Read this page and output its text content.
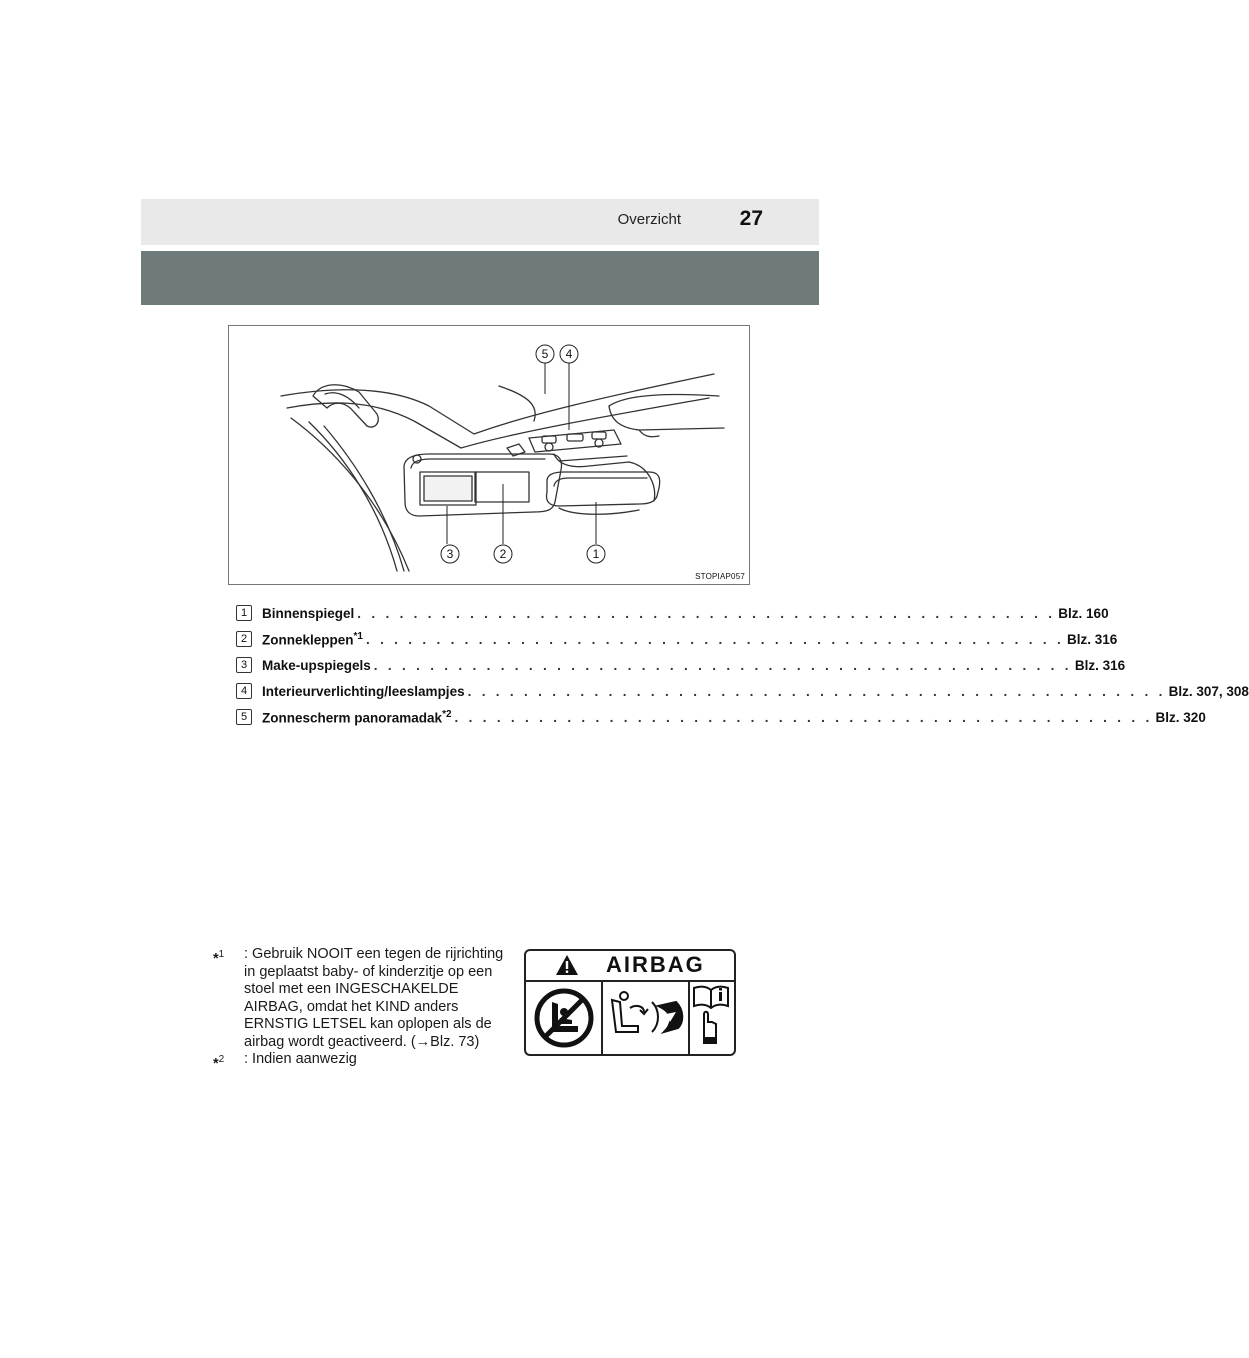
Overzicht	27
5 4
3	2	1
STOPIAP057
1	Binnenspiegel . . . . . . . . . . . . . . . . . . . . . . . . . . . . . . . . . . . . . . . . . . . . . . . . . . Blz. 160
2	Zonnekleppen$^{*1}$ . . . . . . . . . . . . . . . . . . . . . . . . . . . . . . . . . . . . . . . . . . . . . . . . . . Blz. 316
3	Make-upspiegels . . . . . . . . . . . . . . . . . . . . . . . . . . . . . . . . . . . . . . . . . . . . . . . . . . Blz. 316
4	Interieurverlichting/leeslampjes . . . . . . . . . . . . . . . . . . . . . . . . . . . . . . . . . . . . . . . . . . . . . . . . . . Blz. 307, 308
5	Zonnescherm panoramadak$^{*2}$ . . . . . . . . . . . . . . . . . . . . . . . . . . . . . . . . . . . . . . . . . . . . . . . . . . Blz. 320
*$^1$ : Gebruik NOOIT een tegen de rijrichting in geplaatst baby- of kinderzitje op een stoel met een INGESCHAKELDE AIRBAG, omdat het KIND anders ERNSTIG LETSEL kan oplopen als de airbag wordt geactiveerd. (→Blz. 73)
*$^2$ : Indien aanwezig
AIRBAG
